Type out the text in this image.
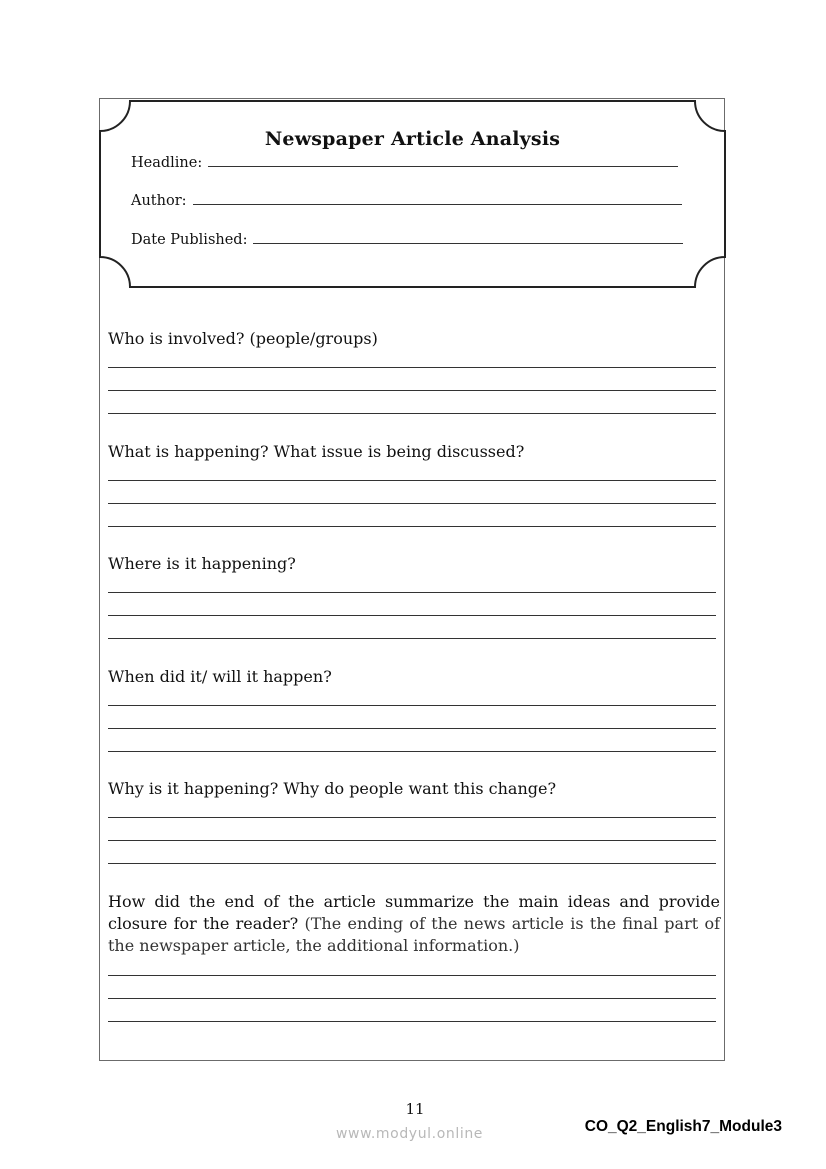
Newspaper Article Analysis
Headline:
Author:
Date Published:
Who is involved? (people/groups)
What is happening? What issue is being discussed?
Where is it happening?
When did it/ will it happen?
Why is it happening? Why do people want this change?
How did the end of the article summarize the main ideas and provide closure for the reader? (The ending of the news article is the final part of the newspaper article, the additional information.)
11
www.modyul.online	CO_Q2_English7_Module3
